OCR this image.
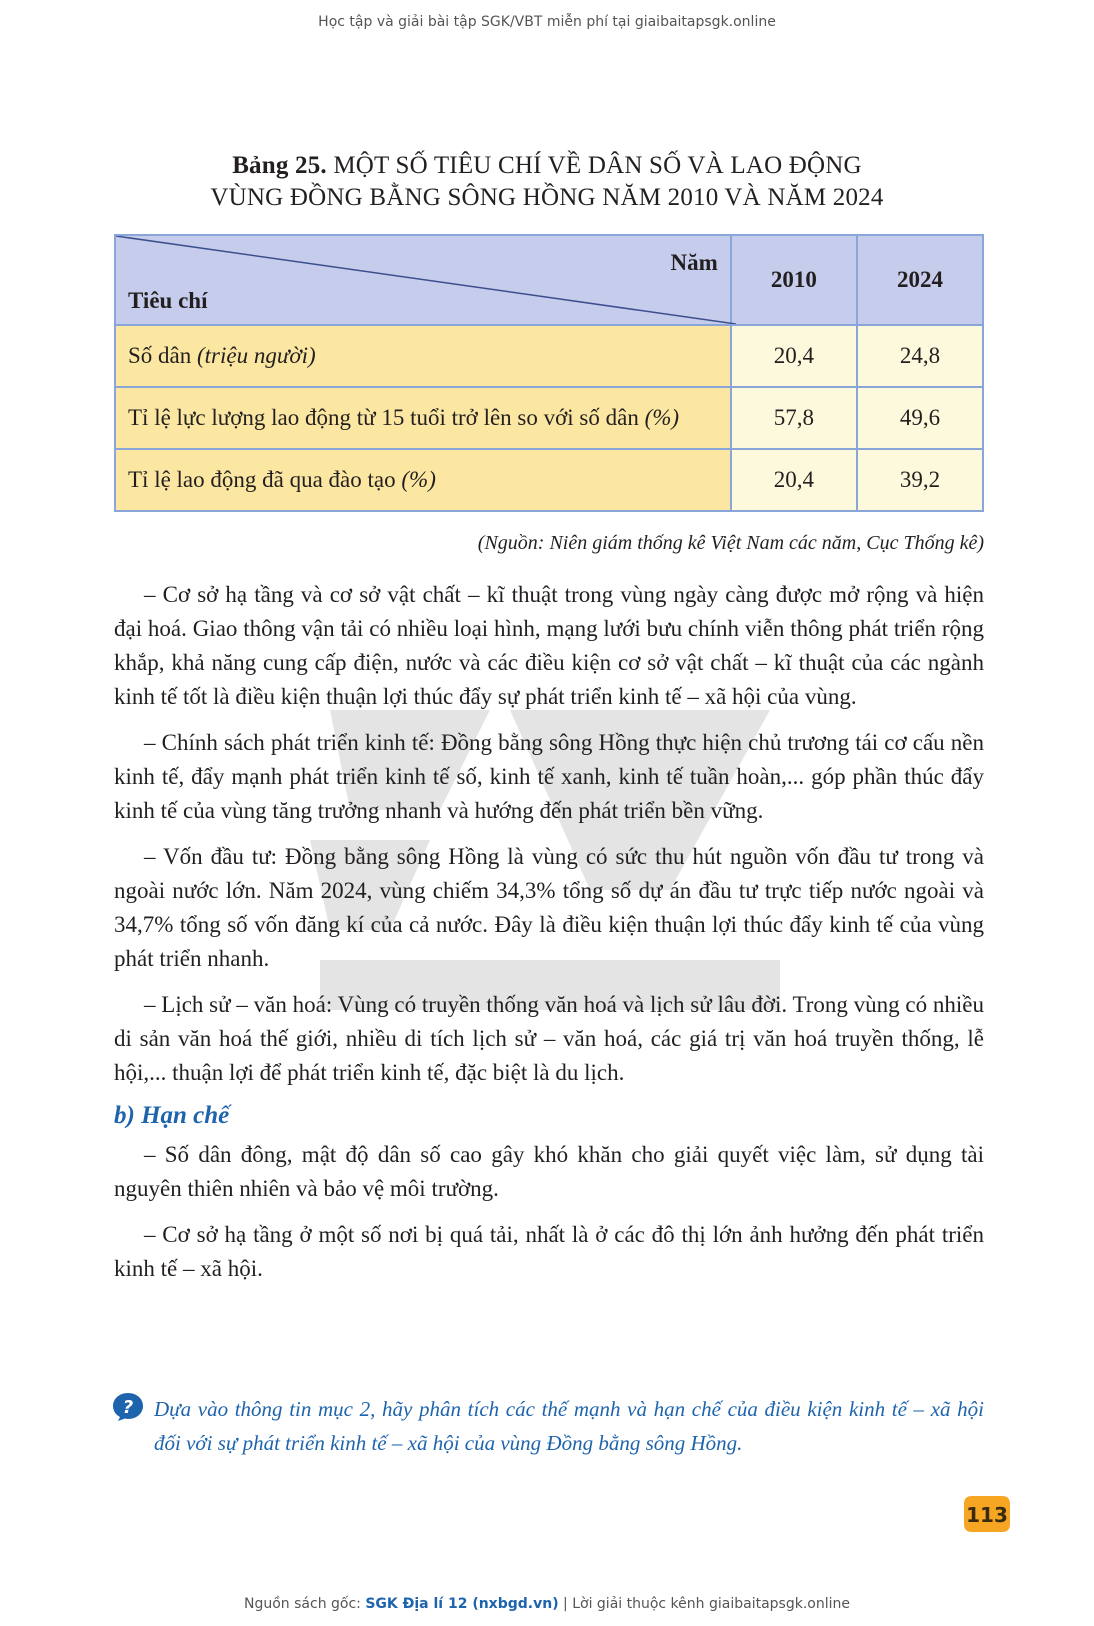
Học tập và giải bài tập SGK/VBT miễn phí tại giaibaitapsgk.online
Bảng 25. MỘT SỐ TIÊU CHÍ VỀ DÂN SỐ VÀ LAO ĐỘNG
VÙNG ĐỒNG BẰNG SÔNG HỒNG NĂM 2010 VÀ NĂM 2024
Năm
Tiêu chí	2010	2024
Số dân (triệu người)	20,4	24,8
Tỉ lệ lực lượng lao động từ 15 tuổi trở lên so với số dân (%)	57,8	49,6
Tỉ lệ lao động đã qua đào tạo (%)	20,4	39,2
(Nguồn: Niên giám thống kê Việt Nam các năm, Cục Thống kê)

– Cơ sở hạ tầng và cơ sở vật chất – kĩ thuật trong vùng ngày càng được mở rộng và hiện đại hoá. Giao thông vận tải có nhiều loại hình, mạng lưới bưu chính viễn thông phát triển rộng khắp, khả năng cung cấp điện, nước và các điều kiện cơ sở vật chất – kĩ thuật của các ngành kinh tế tốt là điều kiện thuận lợi thúc đẩy sự phát triển kinh tế – xã hội của vùng.

– Chính sách phát triển kinh tế: Đồng bằng sông Hồng thực hiện chủ trương tái cơ cấu nền kinh tế, đẩy mạnh phát triển kinh tế số, kinh tế xanh, kinh tế tuần hoàn,... góp phần thúc đẩy kinh tế của vùng tăng trưởng nhanh và hướng đến phát triển bền vững.

– Vốn đầu tư: Đồng bằng sông Hồng là vùng có sức thu hút nguồn vốn đầu tư trong và ngoài nước lớn. Năm 2024, vùng chiếm 34,3% tổng số dự án đầu tư trực tiếp nước ngoài và 34,7% tổng số vốn đăng kí của cả nước. Đây là điều kiện thuận lợi thúc đẩy kinh tế của vùng phát triển nhanh.

– Lịch sử – văn hoá: Vùng có truyền thống văn hoá và lịch sử lâu đời. Trong vùng có nhiều di sản văn hoá thế giới, nhiều di tích lịch sử – văn hoá, các giá trị văn hoá truyền thống, lễ hội,... thuận lợi để phát triển kinh tế, đặc biệt là du lịch.

b) Hạn chế

– Số dân đông, mật độ dân số cao gây khó khăn cho giải quyết việc làm, sử dụng tài nguyên thiên nhiên và bảo vệ môi trường.

– Cơ sở hạ tầng ở một số nơi bị quá tải, nhất là ở các đô thị lớn ảnh hưởng đến phát triển kinh tế – xã hội.

? Dựa vào thông tin mục 2, hãy phân tích các thế mạnh và hạn chế của điều kiện kinh tế – xã hội đối với sự phát triển kinh tế – xã hội của vùng Đồng bằng sông Hồng.
113
Nguồn sách gốc: SGK Địa lí 12 (nxbgd.vn) | Lời giải thuộc kênh giaibaitapsgk.online
